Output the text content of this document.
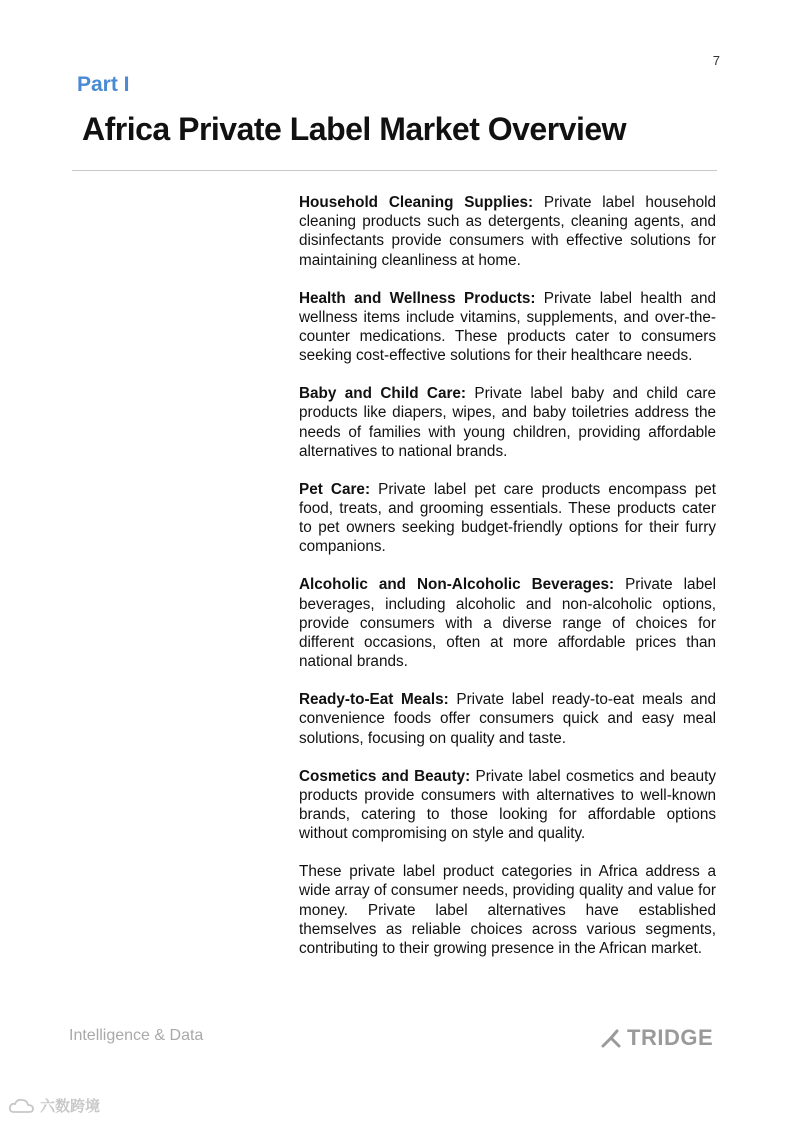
7
Part I
Africa Private Label Market Overview

Household Cleaning Supplies: Private label household cleaning products such as detergents, cleaning agents, and disinfectants provide consumers with effective solutions for maintaining cleanliness at home.

Health and Wellness Products: Private label health and wellness items include vitamins, supplements, and over-the-counter medications. These products cater to consumers seeking cost-effective solutions for their healthcare needs.

Baby and Child Care: Private label baby and child care products like diapers, wipes, and baby toiletries address the needs of families with young children, providing affordable alternatives to national brands.

Pet Care: Private label pet care products encompass pet food, treats, and grooming essentials. These products cater to pet owners seeking budget-friendly options for their furry companions.

Alcoholic and Non-Alcoholic Beverages: Private label beverages, including alcoholic and non-alcoholic options, provide consumers with a diverse range of choices for different occasions, often at more affordable prices than national brands.

Ready-to-Eat Meals: Private label ready-to-eat meals and convenience foods offer consumers quick and easy meal solutions, focusing on quality and taste.

Cosmetics and Beauty: Private label cosmetics and beauty products provide consumers with alternatives to well-known brands, catering to those looking for affordable options without compromising on style and quality.

These private label product categories in Africa address a wide array of consumer needs, providing quality and value for money. Private label alternatives have established themselves as reliable choices across various segments, contributing to their growing presence in the African market.

Intelligence & Data	TRIDGE
六数跨境
